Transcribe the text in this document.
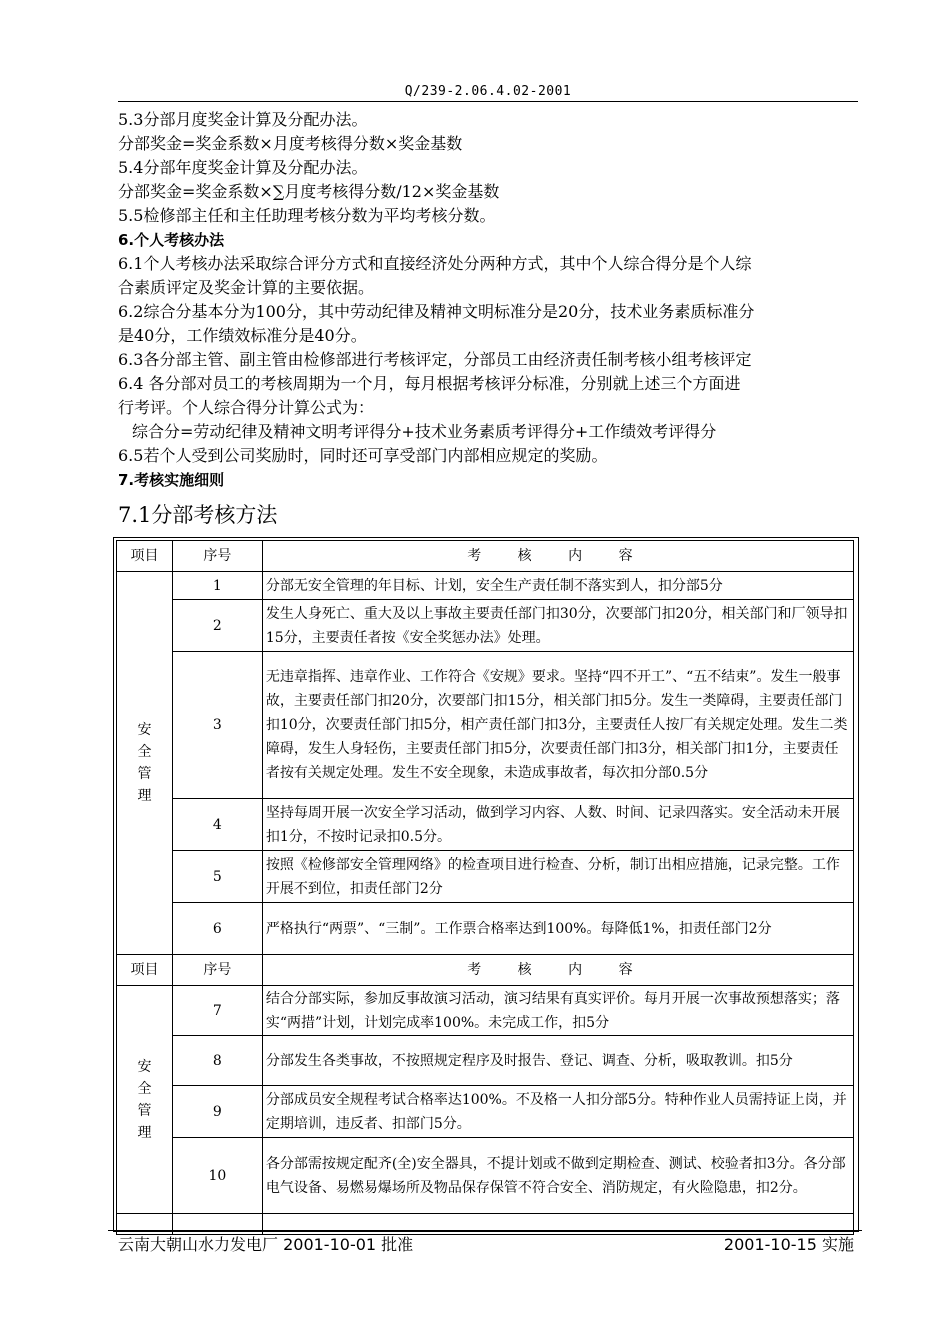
Q/239-2.06.4.02-2001

5.3分部月度奖金计算及分配办法。

分部奖金=奖金系数×月度考核得分数×奖金基数

5.4分部年度奖金计算及分配办法。

分部奖金=奖金系数×∑月度考核得分数/12×奖金基数

5.5检修部主任和主任助理考核分数为平均考核分数。

6.个人考核办法

6.1个人考核办法采取综合评分方式和直接经济处分两种方式，其中个人综合得分是个人综

合素质评定及奖金计算的主要依据。

6.2综合分基本分为100分，其中劳动纪律及精神文明标准分是20分，技术业务素质标准分

是40分，工作绩效标准分是40分。

6.3各分部主管、副主管由检修部进行考核评定，分部员工由经济责任制考核小组考核评定

6.4 各分部对员工的考核周期为一个月，每月根据考核评分标准，分别就上述三个方面进

行考评。个人综合得分计算公式为：

综合分=劳动纪律及精神文明考评得分+技术业务素质考评得分+工作绩效考评得分

6.5若个人受到公司奖励时，同时还可享受部门内部相应规定的奖励。

7.考核实施细则

7.1分部考核方法
项目	序号	考 核 内 容

安
全
管
理	1	分部无安全管理的年目标、计划，安全生产责任制不落实到人，扣分部5分
	2	发生人身死亡、重大及以上事故主要责任部门扣30分，次要部门扣20分，相关部门和厂领导扣15分，主要责任者按《安全奖惩办法》处理。
	3	无违章指挥、违章作业、工作符合《安规》要求。坚持“四不开工”、“五不结束”。发生一般事故，主要责任部门扣20分，次要部门扣15分，相关部门扣5分。发生一类障碍，主要责任部门扣10分，次要责任部门扣5分，相产责任部门扣3分，主要责任人按厂有关规定处理。发生二类障碍，发生人身轻伤，主要责任部门扣5分，次要责任部门扣3分，相关部门扣1分，主要责任者按有关规定处理。发生不安全现象，未造成事故者，每次扣分部0.5分
	4	坚持每周开展一次安全学习活动，做到学习内容、人数、时间、记录四落实。安全活动未开展扣1分，不按时记录扣0.5分。
	5	按照《检修部安全管理网络》的检查项目进行检查、分析，制订出相应措施，记录完整。工作开展不到位，扣责任部门2分
	6	严格执行“两票”、“三制”。工作票合格率达到100%。每降低1%，扣责任部门2分
项目	序号	考 核 内 容

安
全
管
理	7	结合分部实际，参加反事故演习活动，演习结果有真实评价。每月开展一次事故预想落实；落实“两措”计划，计划完成率100%。未完成工作，扣5分
	8	分部发生各类事故，不按照规定程序及时报告、登记、调查、分析，吸取教训。扣5分
	9	分部成员安全规程考试合格率达100%。不及格一人扣分部5分。特种作业人员需持证上岗，并定期培训，违反者、扣部门5分。
	10	各分部需按规定配齐(全)安全器具，不提计划或不做到定期检查、测试、校验者扣3分。各分部电气设备、易燃易爆场所及物品保存保管不符合安全、消防规定，有火险隐患，扣2分。

云南大朝山水力发电厂 2001-10-01 批准	2001-10-15 实施
